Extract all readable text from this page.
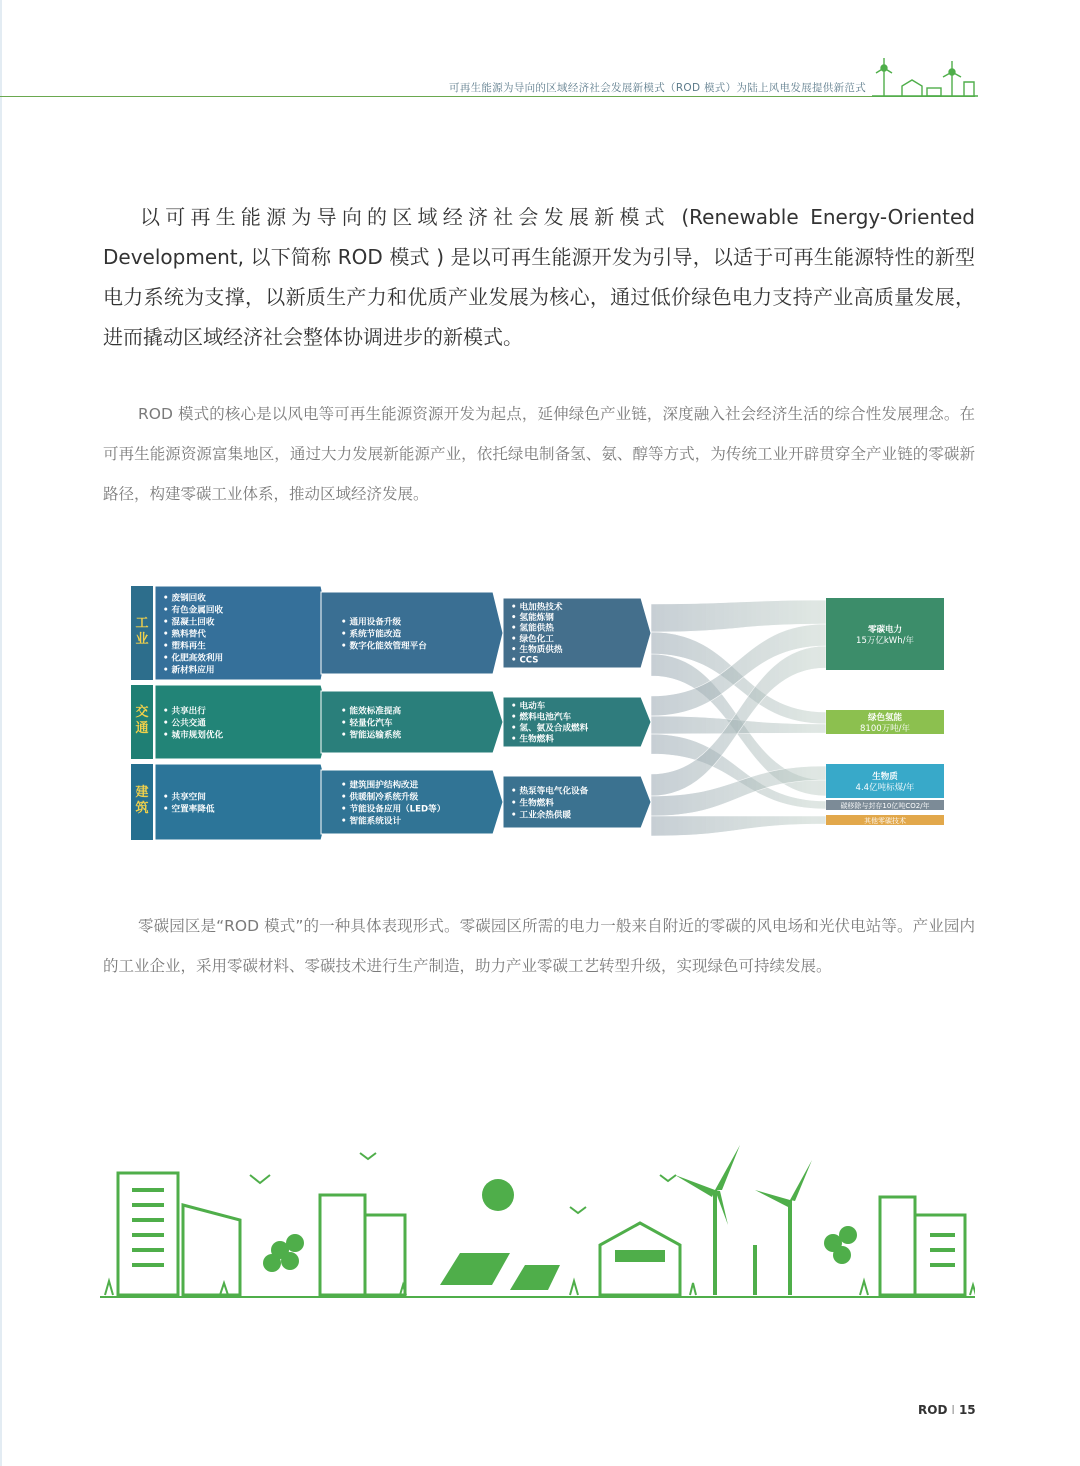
可再生能源为导向的区域经济社会发展新模式（ROD 模式）为陆上风电发展提供新范式

以可再生能源为导向的区域经济社会发展新模式 (Renewable Energy-Oriented Development, 以下简称 ROD 模式 ) 是以可再生能源开发为引导，以适于可再生能源特性的新型电力系统为支撑，以新质生产力和优质产业发展为核心，通过低价绿色电力支持产业高质量发展，进而撬动区域经济社会整体协调进步的新模式。

ROD 模式的核心是以风电等可再生能源资源开发为起点，延伸绿色产业链，深度融入社会经济生活的综合性发展理念。在可再生能源资源富集地区，通过大力发展新能源产业，依托绿电制备氢、氨、醇等方式，为传统工业开辟贯穿全产业链的零碳新路径，构建零碳工业体系，推动区域经济发展。

工
业
• 废钢回收
• 有色金属回收
• 混凝土回收
• 熟料替代
• 塑料再生
• 化肥高效利用
• 新材料应用
• 通用设备升级
• 系统节能改造
• 数字化能效管理平台
• 电加热技术
• 氢能炼钢
• 氢能供热
• 绿色化工
• 生物质供热
• CCS
交
通
• 共享出行
• 公共交通
• 城市规划优化
• 能效标准提高
• 轻量化汽车
• 智能运输系统
• 电动车
• 燃料电池汽车
• 氢、氨及合成燃料
• 生物燃料
建
筑
• 共享空间
• 空置率降低
• 建筑围护结构改进
• 供暖制冷系统升级
• 节能设备应用（LED等）
• 智能系统设计
• 热泵等电气化设备
• 生物燃料
• 工业余热供暖
零碳电力
15万亿kWh/年
绿色氢能
8100万吨/年
生物质
4.4亿吨标煤/年
碳移除与封存10亿吨CO2/年
其他零碳技术

零碳园区是“ROD 模式”的一种具体表现形式。零碳园区所需的电力一般来自附近的零碳的风电场和光伏电站等。产业园内的工业企业，采用零碳材料、零碳技术进行生产制造，助力产业零碳工艺转型升级，实现绿色可持续发展。

ROD I 15
